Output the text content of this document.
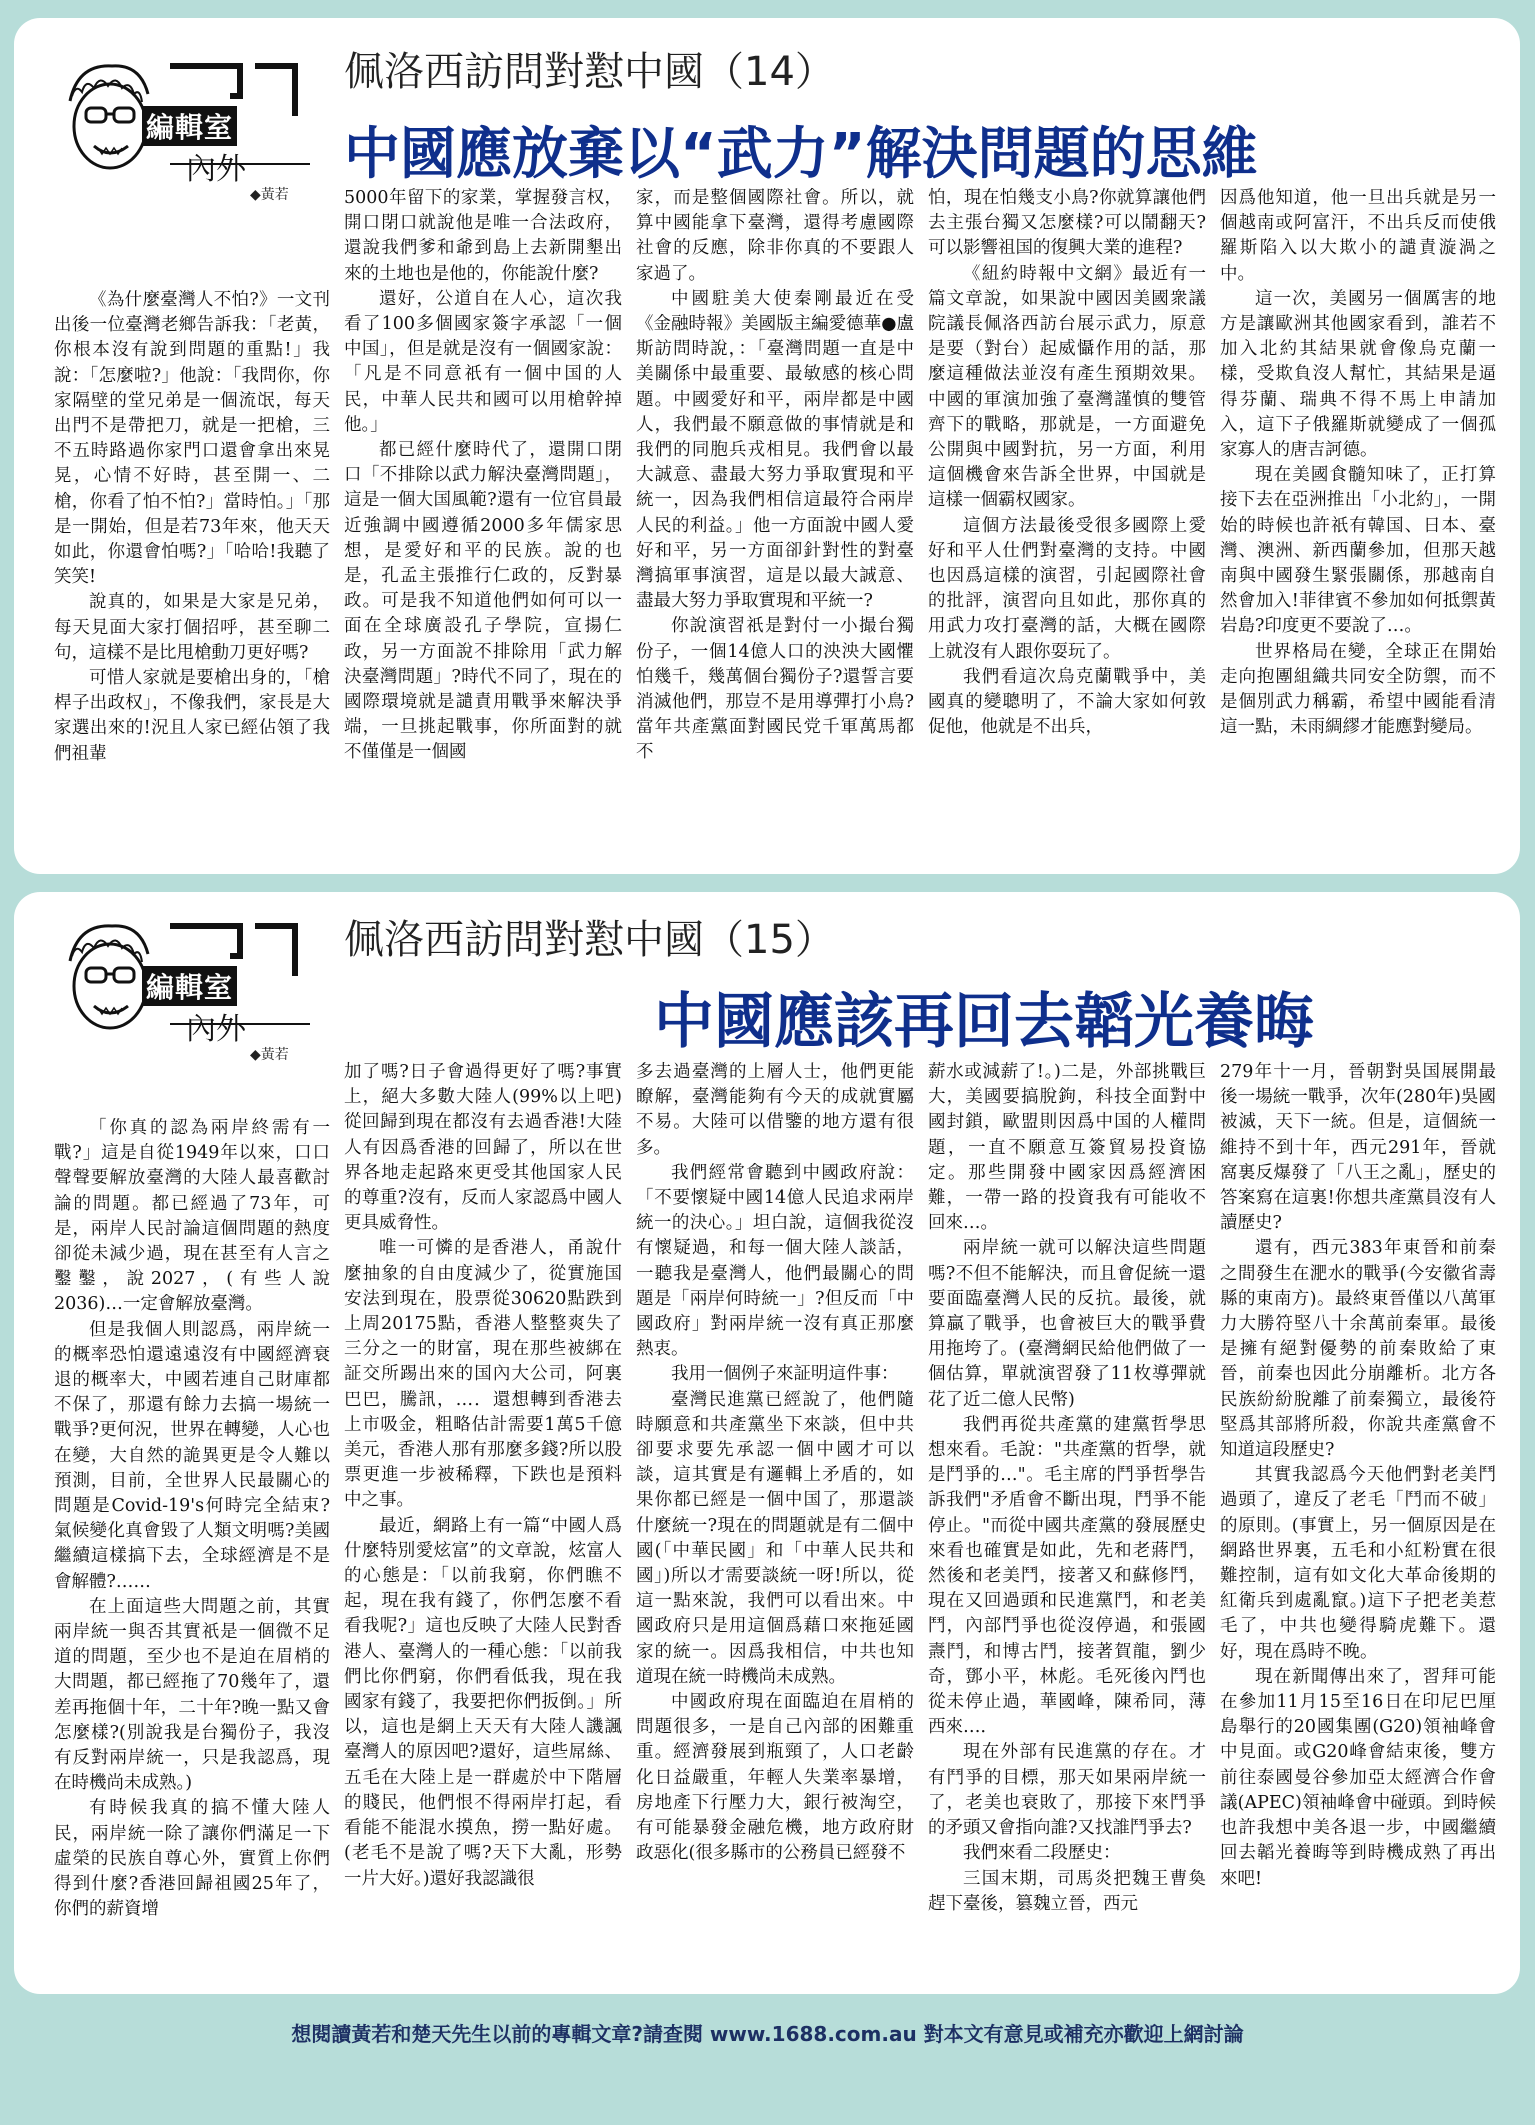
編輯室
內外
◆黃若
佩洛西訪問對懟中國（14）
中國應放棄以“武力”解決問題的思維

《為什麼臺灣人不怕?》一文刊出後一位臺灣老鄉告訴我：「老黃，你根本沒有說到問題的重點!」我說：「怎麼啦?」他說：「我問你，你家隔壁的堂兄弟是一個流氓，每天出門不是帶把刀，就是一把槍，三不五時路過你家門口還會拿出來晃晃，心情不好時，甚至開一、二槍，你看了怕不怕?」當時怕。」「那是一開始，但是若73年來，他天天如此，你還會怕嗎?」「哈哈!我聽了笑笑!

說真的，如果是大家是兄弟，每天見面大家打個招呼，甚至聊二句，這樣不是比甩槍動刀更好嗎?

可惜人家就是要槍出身的，「槍桿子出政权」，不像我們，家長是大家選出來的!況且人家已經佔領了我們祖輩

5000年留下的家業，掌握發言权，開口閉口就說他是唯一合法政府，還說我們爹和爺到島上去新開墾出來的土地也是他的，你能說什麼?

還好，公道自在人心，這次我看了100多個國家簽字承認「一個中国」，但是就是沒有一個國家說：「凡是不同意祇有一個中国的人民，中華人民共和國可以用槍幹掉他。」

都已經什麼時代了，還開口閉口「不排除以武力解決臺灣問題」，這是一個大国風範?還有一位官員最近強調中國遵循2000多年儒家思想，是愛好和平的民族。說的也是，孔孟主張推行仁政的，反對暴政。可是我不知道他們如何可以一面在全球廣設孔子學院，宣揚仁政，另一方面說不排除用「武力解決臺灣問題」?時代不同了，現在的國際環境就是譴責用戰爭來解決爭端，一旦挑起戰事，你所面對的就不僅僅是一個國

家，而是整個國際社會。所以，就算中國能拿下臺灣，還得考慮國際社會的反應，除非你真的不要跟人家過了。

中國駐美大使秦剛最近在受《金融時報》美國版主編愛德華●盧斯訪問時說，：「臺灣問題一直是中美關係中最重要、最敏感的核心問題。中國愛好和平，兩岸都是中國人，我們最不願意做的事情就是和我們的同胞兵戎相見。我們會以最大誠意、盡最大努力爭取實現和平統一，因為我們相信這最符合兩岸人民的利益。」他一方面說中國人愛好和平，另一方面卻針對性的對臺灣搞軍事演習，這是以最大誠意、盡最大努力爭取實現和平統一?

你說演習祇是對付一小撮台獨份子，一個14億人口的泱泱大國懼怕幾千，幾萬個台獨份子?還誓言要消滅他們，那豈不是用導彈打小鳥?當年共產黨面對國民党千軍萬馬都不

怕，現在怕幾支小鳥?你就算讓他們去主張台獨又怎麼樣?可以鬧翻天?可以影響祖国的復興大業的進程?

《紐約時報中文網》最近有一篇文章說，如果說中國因美國衆議院議長佩洛西訪台展示武力，原意是要（對台）起威懾作用的話，那麼這種做法並沒有產生預期效果。中國的軍演加強了臺灣謹慎的雙管齊下的戰略，那就是，一方面避免公開與中國對抗，另一方面，利用這個機會來告訴全世界，中国就是這樣一個霸权國家。

這個方法最後受很多國際上愛好和平人仕們對臺灣的支持。中國也因爲這樣的演習，引起國際社會的批評，演習向且如此，那你真的用武力攻打臺灣的話，大概在國際上就沒有人跟你耍玩了。

我們看這次烏克蘭戰爭中，美國真的變聰明了，不論大家如何敦促他，他就是不出兵，

因爲他知道，他一旦出兵就是另一個越南或阿富汗，不出兵反而使俄羅斯陷入以大欺小的譴責漩渦之中。

這一次，美國另一個厲害的地方是讓歐洲其他國家看到，誰若不加入北約其結果就會像烏克蘭一樣，受欺負沒人幫忙，其結果是逼得芬蘭、瑞典不得不馬上申請加入，這下子俄羅斯就變成了一個孤家寡人的唐吉訶德。

現在美國食髓知味了，正打算接下去在亞洲推出「小北約」，一開始的時候也許祇有韓国、日本、臺灣、澳洲、新西蘭參加，但那天越南與中國發生緊張關係，那越南自然會加入!菲律賓不參加如何抵禦黃岩島?印度更不要說了…。

世界格局在變，全球正在開始走向抱團組織共同安全防禦，而不是個別武力稱霸，希望中國能看清這一點，未雨綢繆才能應對變局。

編輯室
內外
◆黃若
佩洛西訪問對懟中國（15）
中國應該再回去韜光養晦

「你真的認為兩岸終需有一戰?」這是自從1949年以來，口口聲聲要解放臺灣的大陸人最喜歡討論的問題。都已經過了73年，可是，兩岸人民討論這個問題的熱度卻從未減少過，現在甚至有人言之鑿鑿，說2027，(有些人說2036)…一定會解放臺灣。

但是我個人則認爲，兩岸統一的概率恐怕還遠遠沒有中國經濟衰退的概率大，中國若連自己財庫都不保了，那還有餘力去搞一場統一戰爭?更何況，世界在轉變，人心也在變，大自然的詭異更是令人難以預測，目前，全世界人民最關心的問題是Covid-19's何時完全結束?氣候變化真會毀了人類文明嗎?美國繼續這樣搞下去，全球經濟是不是會解體?……

在上面這些大問題之前，其實兩岸統一與否其實祇是一個微不足道的問題，至少也不是迫在眉梢的大問題，都已經拖了70幾年了，還差再拖個十年，二十年?晚一點又會怎麼樣?(別說我是台獨份子，我沒有反對兩岸統一，只是我認爲，現在時機尚未成熟。)

有時候我真的搞不懂大陸人民，兩岸統一除了讓你們滿足一下虛榮的民族自尊心外，實質上你們得到什麼?香港回歸祖國25年了，你們的薪資增

加了嗎?日子會過得更好了嗎?事實上，絕大多數大陸人(99%以上吧)從回歸到現在都沒有去過香港!大陸人有因爲香港的回歸了，所以在世界各地走起路來更受其他国家人民的尊重?沒有，反而人家認爲中國人更具威脅性。

唯一可憐的是香港人，甬說什麼抽象的自由度減少了，從實施国安法到現在，股票從30620點跌到上周20175點，香港人整整爽失了三分之一的財富，現在那些被綁在証交所踢出來的国內大公司，阿裏巴巴，騰訊，…．還想轉到香港去上市吸金，粗略估計需要1萬5千億美元，香港人那有那麼多錢?所以股票更進一步被稀釋，下跌也是預料中之事。

最近，網路上有一篇“中國人爲什麼特別愛炫富”的文章說，炫富人的心態是：「以前我窮，你們瞧不起，現在我有錢了，你們怎麼不看看我呢?」這也反映了大陸人民對香港人、臺灣人的一種心態：「以前我們比你們窮，你們看低我，現在我國家有錢了，我要把你們扳倒。」所以，這也是網上天天有大陸人譏諷臺灣人的原因吧?還好，這些屌絲、五毛在大陸上是一群處於中下階層的賤民，他們恨不得兩岸打起，看看能不能混水摸魚，撈一點好處。(老毛不是說了嗎?天下大亂，形勢一片大好。)還好我認識很

多去過臺灣的上層人士，他們更能瞭解，臺灣能夠有今天的成就實屬不易。大陸可以借鑒的地方還有很多。

我們經常會聽到中國政府說：「不要懷疑中國14億人民追求兩岸統一的決心。」坦白說，這個我從沒有懷疑過，和每一個大陸人談話，一聽我是臺灣人，他們最關心的問題是「兩岸何時統一」?但反而「中國政府」對兩岸統一沒有真正那麼熱衷。

我用一個例子來証明這件事：

臺灣民進黨已經說了，他們隨時願意和共產黨坐下來談，但中共卻要求要先承認一個中國才可以談，這其實是有邏輯上矛盾的，如果你都已經是一個中国了，那還談什麼統一?現在的問題就是有二個中國(「中華民國」和「中華人民共和國」)所以才需要談統一呀!所以，從這一點來說，我們可以看出來。中國政府只是用這個爲藉口來拖延國家的統一。因爲我相信，中共也知道現在統一時機尚未成熟。

中國政府現在面臨迫在眉梢的問題很多，一是自己內部的困難重重。經濟發展到瓶頸了，人口老齡化日益嚴重，年輕人失業率暴增，房地產下行壓力大，銀行被淘空，有可能暴發金融危機，地方政府財政惡化(很多縣市的公務員已經發不

薪水或減薪了!。)二是，外部挑戰巨大，美國要搞脫鉤，科技全面對中國封鎖，歐盟則因爲中国的人權問題，一直不願意互簽貿易投資協定。那些開發中國家因爲經濟困難，一帶一路的投資我有可能收不回來…。

兩岸統一就可以解決這些問題嗎?不但不能解決，而且會促統一還要面臨臺灣人民的反抗。最後，就算贏了戰爭，也會被巨大的戰爭費用拖垮了。(臺灣網民給他們做了一個估算，單就演習發了11枚導彈就花了近二億人民幣)

我們再從共產黨的建黨哲學思想來看。毛說："共產黨的哲學，就是鬥爭的…"。毛主席的鬥爭哲學告訴我們"矛盾會不斷出現，鬥爭不能停止。"而從中國共產黨的發展歷史來看也確實是如此，先和老蔣鬥，然後和老美鬥，接著又和蘇修鬥，現在又回過頭和民進黨鬥，和老美鬥，內部鬥爭也從沒停過，和張國燾鬥，和博古鬥，接著賀龍，劉少奇，鄧小平，林彪。毛死後內鬥也從未停止過，華國峰，陳希同，薄西來…．

現在外部有民進黨的存在。才有鬥爭的目標，那天如果兩岸統一了，老美也衰敗了，那接下來鬥爭的矛頭又會指向誰?又找誰鬥爭去?

我們來看二段歷史：

三国末期，司馬炎把魏王曹奐趕下臺後，篡魏立晉，西元

279年十一月，晉朝對吳国展開最後一場統一戰爭，次年(280年)吳國被滅，天下一統。但是，這個統一維持不到十年，西元291年，晉就窩裏反爆發了「八王之亂」，歷史的答案寫在這裏!你想共產黨員沒有人讀歷史?

還有，西元383年東晉和前秦之間發生在淝水的戰爭(今安徽省壽縣的東南方)。最終東晉僅以八萬軍力大勝符堅八十余萬前秦軍。最後是擁有絕對優勢的前秦敗給了東晉，前秦也因此分崩離析。北方各民族紛紛脫離了前秦獨立，最後符堅爲其部將所殺，你說共產黨會不知道這段歷史?

其實我認爲今天他們對老美鬥過頭了，違反了老毛「鬥而不破」的原則。(事實上，另一個原因是在網路世界裏，五毛和小紅粉實在很難控制，這有如文化大革命後期的紅衛兵到處亂竄。)這下子把老美惹毛了，中共也變得騎虎難下。還好，現在爲時不晚。

現在新聞傳出來了，習拜可能在參加11月15至16日在印尼巴厘島舉行的20國集團(G20)領袖峰會中見面。或G20峰會結束後，雙方前往泰國曼谷參加亞太經濟合作會議(APEC)領袖峰會中碰頭。到時候也許我想中美各退一步，中國繼續回去韜光養晦等到時機成熟了再出來吧!

想閱讀黃若和楚天先生以前的專輯文章?請查閱 www.1688.com.au 對本文有意見或補充亦歡迎上網討論
